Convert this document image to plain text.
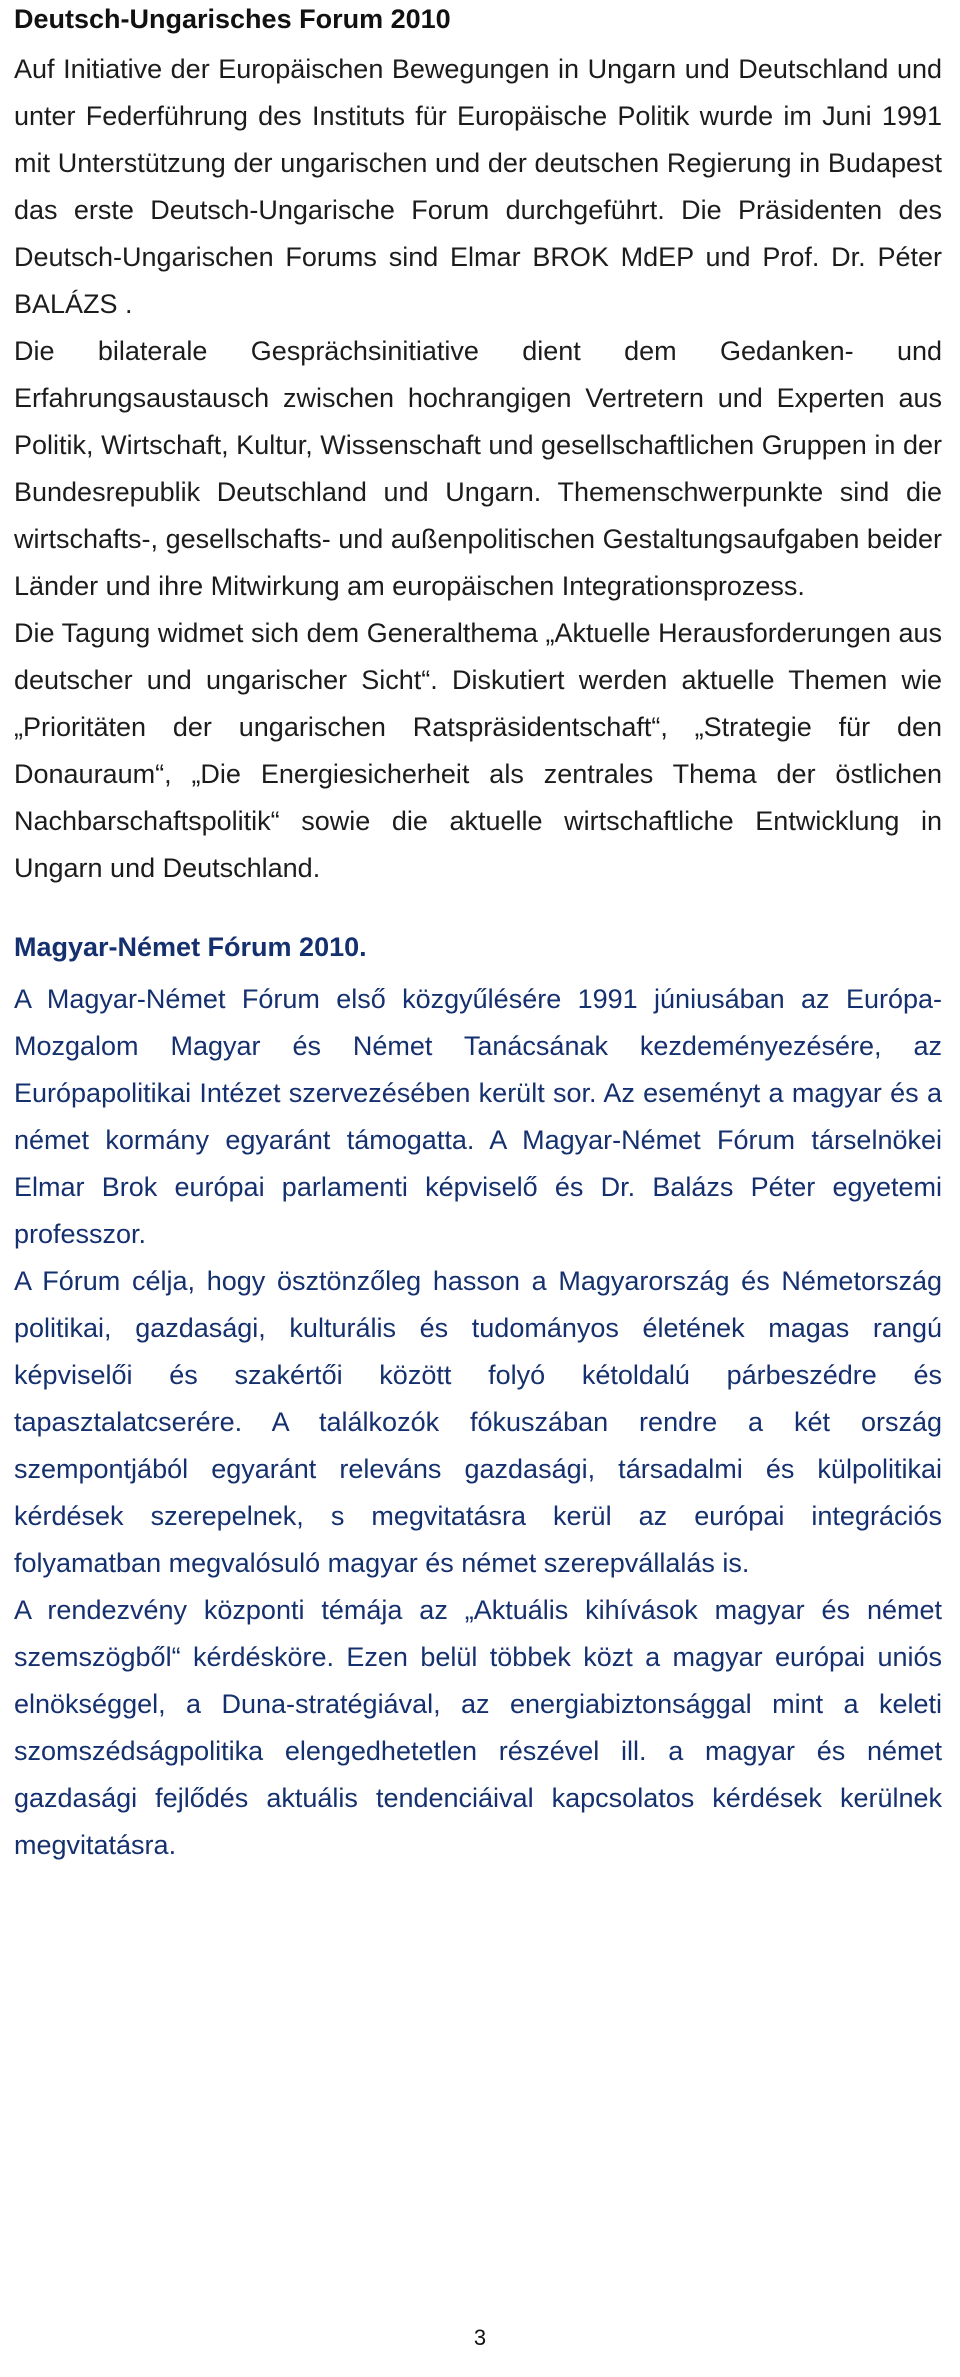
Deutsch-Ungarisches Forum 2010

Auf Initiative der Europäischen Bewegungen in Ungarn und Deutschland und unter Federführung des Instituts für Europäische Politik wurde im Juni 1991 mit Unterstützung der ungarischen und der deutschen Regierung in Budapest das erste Deutsch-Ungarische Forum durchgeführt. Die Präsidenten des Deutsch-Ungarischen Forums sind Elmar BROK MdEP und Prof. Dr. Péter BALÁZS .

Die bilaterale Gesprächsinitiative dient dem Gedanken- und Erfahrungsaustausch zwischen hochrangigen Vertretern und Experten aus Politik, Wirtschaft, Kultur, Wissenschaft und gesellschaftlichen Gruppen in der Bundesrepublik Deutschland und Ungarn. Themenschwerpunkte sind die wirtschafts-, gesellschafts- und außenpolitischen Gestaltungsaufgaben beider Länder und ihre Mitwirkung am europäischen Integrationsprozess.

Die Tagung widmet sich dem Generalthema „Aktuelle Herausforderungen aus deutscher und ungarischer Sicht“. Diskutiert werden aktuelle Themen wie „Prioritäten der ungarischen Ratspräsidentschaft“, „Strategie für den Donauraum“, „Die Energiesicherheit als zentrales Thema der östlichen Nachbarschaftspolitik“ sowie die aktuelle wirtschaftliche Entwicklung in Ungarn und Deutschland.

Magyar-Német Fórum 2010.

A Magyar-Német Fórum első közgyűlésére 1991 júniusában az Európa-Mozgalom Magyar és Német Tanácsának kezdeményezésére, az Európapolitikai Intézet szervezésében került sor. Az eseményt a magyar és a német kormány egyaránt támogatta. A Magyar-Német Fórum társelnökei Elmar Brok európai parlamenti képviselő és Dr. Balázs Péter egyetemi professzor.

A Fórum célja, hogy ösztönzőleg hasson a Magyarország és Németország politikai, gazdasági, kulturális és tudományos életének magas rangú képviselői és szakértői között folyó kétoldalú párbeszédre és tapasztalatcserére. A találkozók fókuszában rendre a két ország szempontjából egyaránt releváns gazdasági, társadalmi és külpolitikai kérdések szerepelnek, s megvitatásra kerül az európai integrációs folyamatban megvalósuló magyar és német szerepvállalás is.

A rendezvény központi témája az „Aktuális kihívások magyar és német szemszögből“ kérdésköre. Ezen belül többek közt a magyar európai uniós elnökséggel, a Duna-stratégiával, az energiabiztonsággal mint a keleti szomszédságpolitika elengedhetetlen részével ill. a magyar és német gazdasági fejlődés aktuális tendenciáival kapcsolatos kérdések kerülnek megvitatásra.

3
